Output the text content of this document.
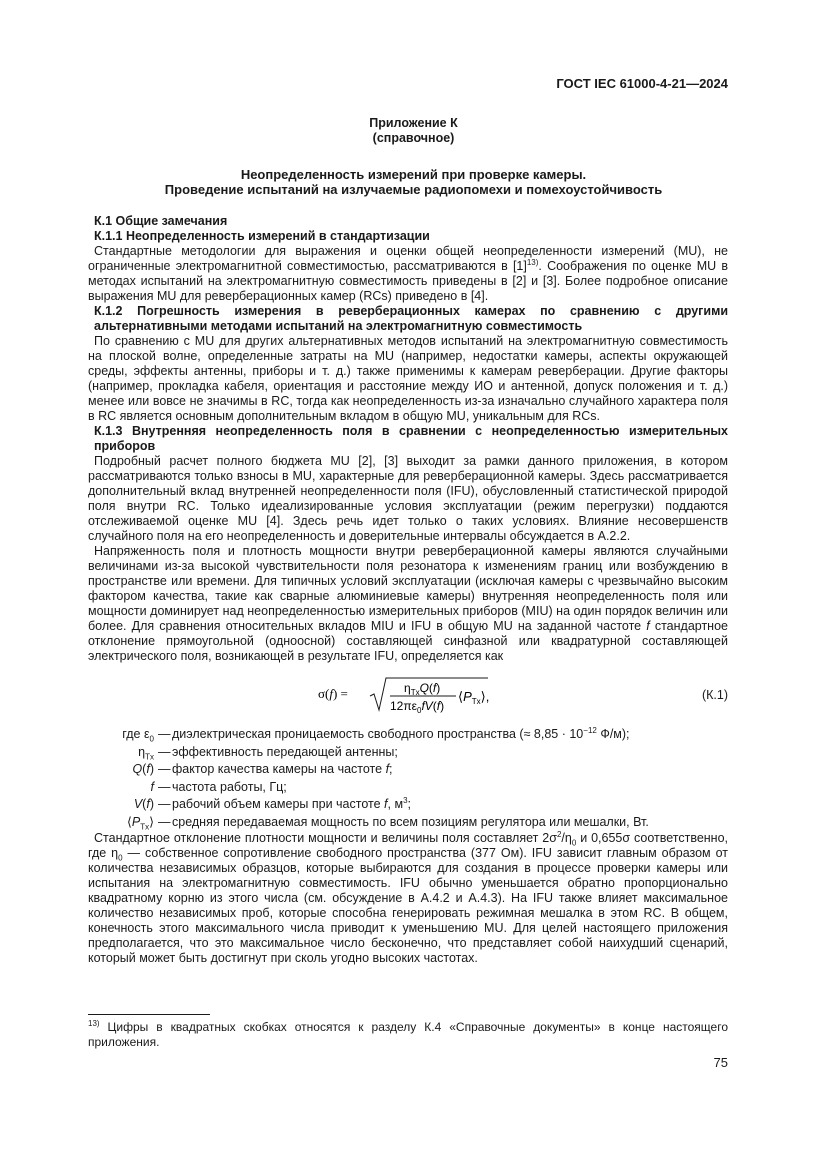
ГОСТ IEC 61000-4-21—2024
Приложение К
(справочное)
Неопределенность измерений при проверке камеры.
Проведение испытаний на излучаемые радиопомехи и помехоустойчивость

К.1 Общие замечания

К.1.1 Неопределенность измерений в стандартизации

Стандартные методологии для выражения и оценки общей неопределенности измерений (MU), не ограниченные электромагнитной совместимостью, рассматриваются в $[1]^{13)}$. Соображения по оценке MU в методах испытаний на электромагнитную совместимость приведены в [2] и [3]. Более подробное описание выражения MU для реверберационных камер (RCs) приведено в [4].

К.1.2 Погрешность измерения в реверберационных камерах по сравнению с другими альтернативными методами испытаний на электромагнитную совместимость

По сравнению с MU для других альтернативных методов испытаний на электромагнитную совместимость на плоской волне, определенные затраты на MU (например, недостатки камеры, аспекты окружающей среды, эффекты антенны, приборы и т. д.) также применимы к камерам реверберации. Другие факторы (например, прокладка кабеля, ориентация и расстояние между ИО и антенной, допуск положения и т. д.) менее или вовсе не значимы в RC, тогда как неопределенность из-за изначально случайного характера поля в RC является основным дополнительным вкладом в общую MU, уникальным для RCs.

К.1.3 Внутренняя неопределенность поля в сравнении с неопределенностью измерительных приборов

Подробный расчет полного бюджета MU [2], [3] выходит за рамки данного приложения, в котором рассматриваются только взносы в MU, характерные для реверберационной камеры. Здесь рассматривается дополнительный вклад внутренней неопределенности поля (IFU), обусловленный статистической природой поля внутри RC. Только идеализированные условия эксплуатации (режим перегрузки) поддаются отслеживаемой оценке MU [4]. Здесь речь идет только о таких условиях. Влияние несовершенств случайного поля на его неопределенность и доверительные интервалы обсуждается в А.2.2.

Напряженность поля и плотность мощности внутри реверберационной камеры являются случайными величинами из-за высокой чувствительности поля резонатора к изменениям границ или возбуждению в пространстве или времени. Для типичных условий эксплуатации (исключая камеры с чрезвычайно высоким фактором качества, такие как сварные алюминиевые камеры) внутренняя неопределенность поля или мощности доминирует над неопределенностью измерительных приборов (MIU) на один порядок величин или более. Для сравнения относительных вкладов MIU и IFU в общую MU на заданной частоте f стандартное отклонение прямоугольной (одноосной) составляющей синфазной или квадратурной составляющей электрического поля, возникающей в результате IFU, определяется как

σ(f) =	$\eta_{Tx}Q(f)$
$12\pi\varepsilon_0fV(f)$
$⟨P_{Tx}⟩$,	(К.1)
где $\varepsilon_0$ — диэлектрическая проницаемость свободного пространства (≈ $8,85 \cdot 10^{-12}$ Ф/м);
$\eta_{Tx}$ — эффективность передающей антенны;
Q(f) — фактор качества камеры на частоте f;
f — частота работы, Гц;
V(f) — рабочий объем камеры при частоте f, $м^3$;
$⟨P_{Tx}⟩$ — средняя передаваемая мощность по всем позициям регулятора или мешалки, Вт.

Стандартное отклонение плотности мощности и величины поля составляет $2\sigma^2/\eta_0$ и 0,655σ соответственно, где $\eta_0$ — собственное сопротивление свободного пространства (377 Ом). IFU зависит главным образом от количества независимых образцов, которые выбираются для создания в процессе проверки камеры или испытания на электромагнитную совместимость. IFU обычно уменьшается обратно пропорционально квадратному корню из этого числа (см. обсуждение в А.4.2 и А.4.3). На IFU также влияет максимальное количество независимых проб, которые способна генерировать режимная мешалка в этом RC. В общем, конечность этого максимального числа приводит к уменьшению MU. Для целей настоящего приложения предполагается, что это максимальное число бесконечно, что представляет собой наихудший сценарий, который может быть достигнут при сколь угодно высоких частотах.

$^{13)}$ Цифры в квадратных скобках относятся к разделу К.4 «Справочные документы» в конце настоящего приложения.
75
